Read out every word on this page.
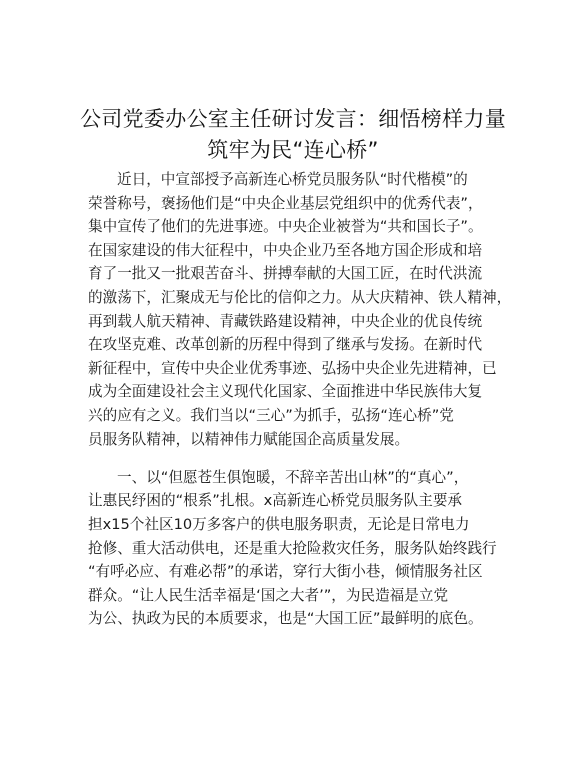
公司党委办公室主任研讨发言：细悟榜样力量
筑牢为民“连心桥”

近日，中宣部授予高新连心桥党员服务队“时代楷模”的
荣誉称号，褒扬他们是“中央企业基层党组织中的优秀代表”，
集中宣传了他们的先进事迹。中央企业被誉为“共和国长子”。
在国家建设的伟大征程中，中央企业乃至各地方国企形成和培
育了一批又一批艰苦奋斗、拼搏奉献的大国工匠，在时代洪流
的激荡下，汇聚成无与伦比的信仰之力。从大庆精神、铁人精神，
再到载人航天精神、青藏铁路建设精神，中央企业的优良传统
在攻坚克难、改革创新的历程中得到了继承与发扬。在新时代
新征程中，宣传中央企业优秀事迹、弘扬中央企业先进精神，已
成为全面建设社会主义现代化国家、全面推进中华民族伟大复
兴的应有之义。我们当以“三心”为抓手，弘扬“连心桥”党
员服务队精神，以精神伟力赋能国企高质量发展。

一、以“但愿苍生俱饱暖，不辞辛苦出山林”的“真心”，
让惠民纾困的“根系”扎根。x高新连心桥党员服务队主要承
担x15个社区10万多客户的供电服务职责，无论是日常电力
抢修、重大活动供电，还是重大抢险救灾任务，服务队始终践行
“有呼必应、有难必帮”的承诺，穿行大街小巷，倾情服务社区
群众。“让人民生活幸福是‘国之大者’”，为民造福是立党
为公、执政为民的本质要求，也是“大国工匠”最鲜明的底色。
